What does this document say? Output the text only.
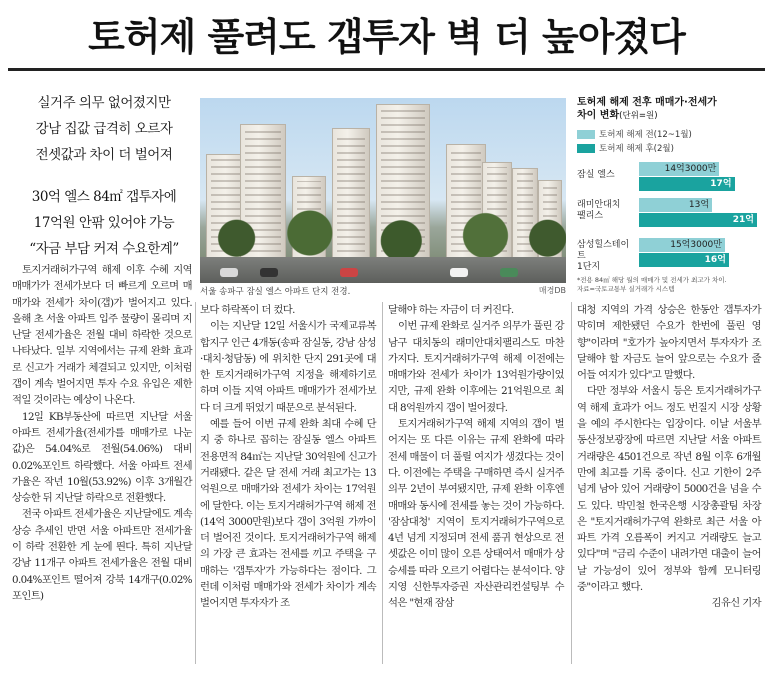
토허제 풀려도 갭투자 벽 더 높아졌다
실거주 의무 없어졌지만
강남 집값 급격히 오르자
전셋값과 차이 더 벌어져
30억 엘스 84㎡ 갭투자에
17억원 안팎 있어야 가능
“자금 부담 커져 수요한계”
서울 송파구 잠실 엘스 아파트 단지 전경.	매경DB
토허제 해제 전후 매매가·전세가
차이 변화(단위=원)
토허제 해제 전(12~1월)
토허제 해제 후(2월)
잠실 엘스
14억3000만
17억
래미안대치
팰리스
13억
21억
삼성힐스테이트
1단지
15억3000만
16억
*전용 84㎡ 해당 월의 매매가 및 전세가 최고가 차이.
자료=국토교통부 실거래가 시스템

토지거래허가구역 해제 이후 수혜 지역 매매가가 전세가보다 더 빠르게 오르며 매매가와 전세가 차이(갭)가 벌어지고 있다. 올해 초 서울 아파트 입주 물량이 몰리며 지난달 전세가율은 전월 대비 하락한 것으로 나타났다. 일부 지역에서는 규제 완화 효과로 신고가 거래가 체결되고 있지만, 이처럼 갭이 계속 벌어지면 투자 수요 유입은 제한적일 것이라는 예상이 나온다.

12일 KB부동산에 따르면 지난달 서울 아파트 전세가율(전세가를 매매가로 나눈 값)은 54.04%로 전월(54.06%) 대비 0.02%포인트 하락했다. 서울 아파트 전세가율은 작년 10월(53.92%) 이후 3개월간 상승한 뒤 지난달 하락으로 전환했다.

전국 아파트 전세가율은 지난달에도 계속 상승 추세인 반면 서울 아파트만 전세가율이 하락 전환한 게 눈에 띈다. 특히 지난달 강남 11개구 아파트 전세가율은 전월 대비 0.04%포인트 떨어져 강북 14개구(0.02%포인트)

보다 하락폭이 더 컸다.

이는 지난달 12일 서울시가 국제교류복합지구 인근 4개동(송파 잠실동, 강남 삼성·대치·청담동) 에 위치한 단지 291곳에 대한 토지거래허가구역 지정을 해제하기로 하며 이들 지역 아파트 매매가가 전세가보다 더 크게 뛰었기 때문으로 분석된다.

예를 들어 이번 규제 완화 최대 수혜 단지 중 하나로 꼽히는 잠실동 엘스 아파트 전용면적 84㎡는 지난달 30억원에 신고가 거래됐다. 같은 달 전세 거래 최고가는 13억원으로 매매가와 전세가 차이는 17억원에 달한다. 이는 토지거래허가구역 해제 전(14억 3000만원)보다 갭이 3억원 가까이 더 벌어진 것이다. 토지거래허가구역 해제의 가장 큰 효과는 전세를 끼고 주택을 구매하는 '갭투자'가 가능하다는 점이다. 그런데 이처럼 매매가와 전세가 차이가 계속 벌어지면 투자자가 조

달해야 하는 자금이 더 커진다.

이번 규제 완화로 실거주 의무가 풀린 강남구 대치동의 래미안대치팰리스도 마찬가지다. 토지거래허가구역 해제 이전에는 매매가와 전세가 차이가 13억원가량이었지만, 규제 완화 이후에는 21억원으로 최대 8억원까지 갭이 벌어졌다.

토지거래허가구역 해제 지역의 갭이 벌어지는 또 다른 이유는 규제 완화에 따라 전세 매물이 더 풀릴 여지가 생겼다는 것이다. 이전에는 주택을 구매하면 즉시 실거주 의무 2년이 부여됐지만, 규제 완화 이후엔 매매와 동시에 전세를 놓는 것이 가능하다. '잠삼대청' 지역이 토지거래허가구역으로 4년 넘게 지정되며 전세 품귀 현상으로 전셋값은 이미 많이 오른 상태여서 매매가 상승세를 따라 오르기 어렵다는 분석이다. 양지영 신한투자증권 자산관리컨설팅부 수석은 "현재 잠삼

대청 지역의 가격 상승은 한동안 갭투자가 막히며 제한됐던 수요가 한번에 풀린 영향"이라며 "호가가 높아지면서 투자자가 조달해야 할 자금도 늘어 앞으로는 수요가 줄어들 여지가 있다"고 말했다.

다만 정부와 서울시 등은 토지거래허가구역 해제 효과가 어느 정도 번질지 시장 상황을 예의 주시한다는 입장이다. 이날 서울부동산정보광장에 따르면 지난달 서울 아파트 거래량은 4501건으로 작년 8월 이후 6개월 만에 최고를 기록 중이다. 신고 기한이 2주 넘게 남아 있어 거래량이 5000건을 넘을 수도 있다. 박민철 한국은행 시장총괄팀 차장은 "토지거래허가구역 완화로 최근 서울 아파트 가격 오름폭이 커지고 거래량도 늘고 있다"며 "금리 수준이 내려가면 대출이 늘어날 가능성이 있어 정부와 함께 모니터링 중"이라고 했다.

김유신 기자
